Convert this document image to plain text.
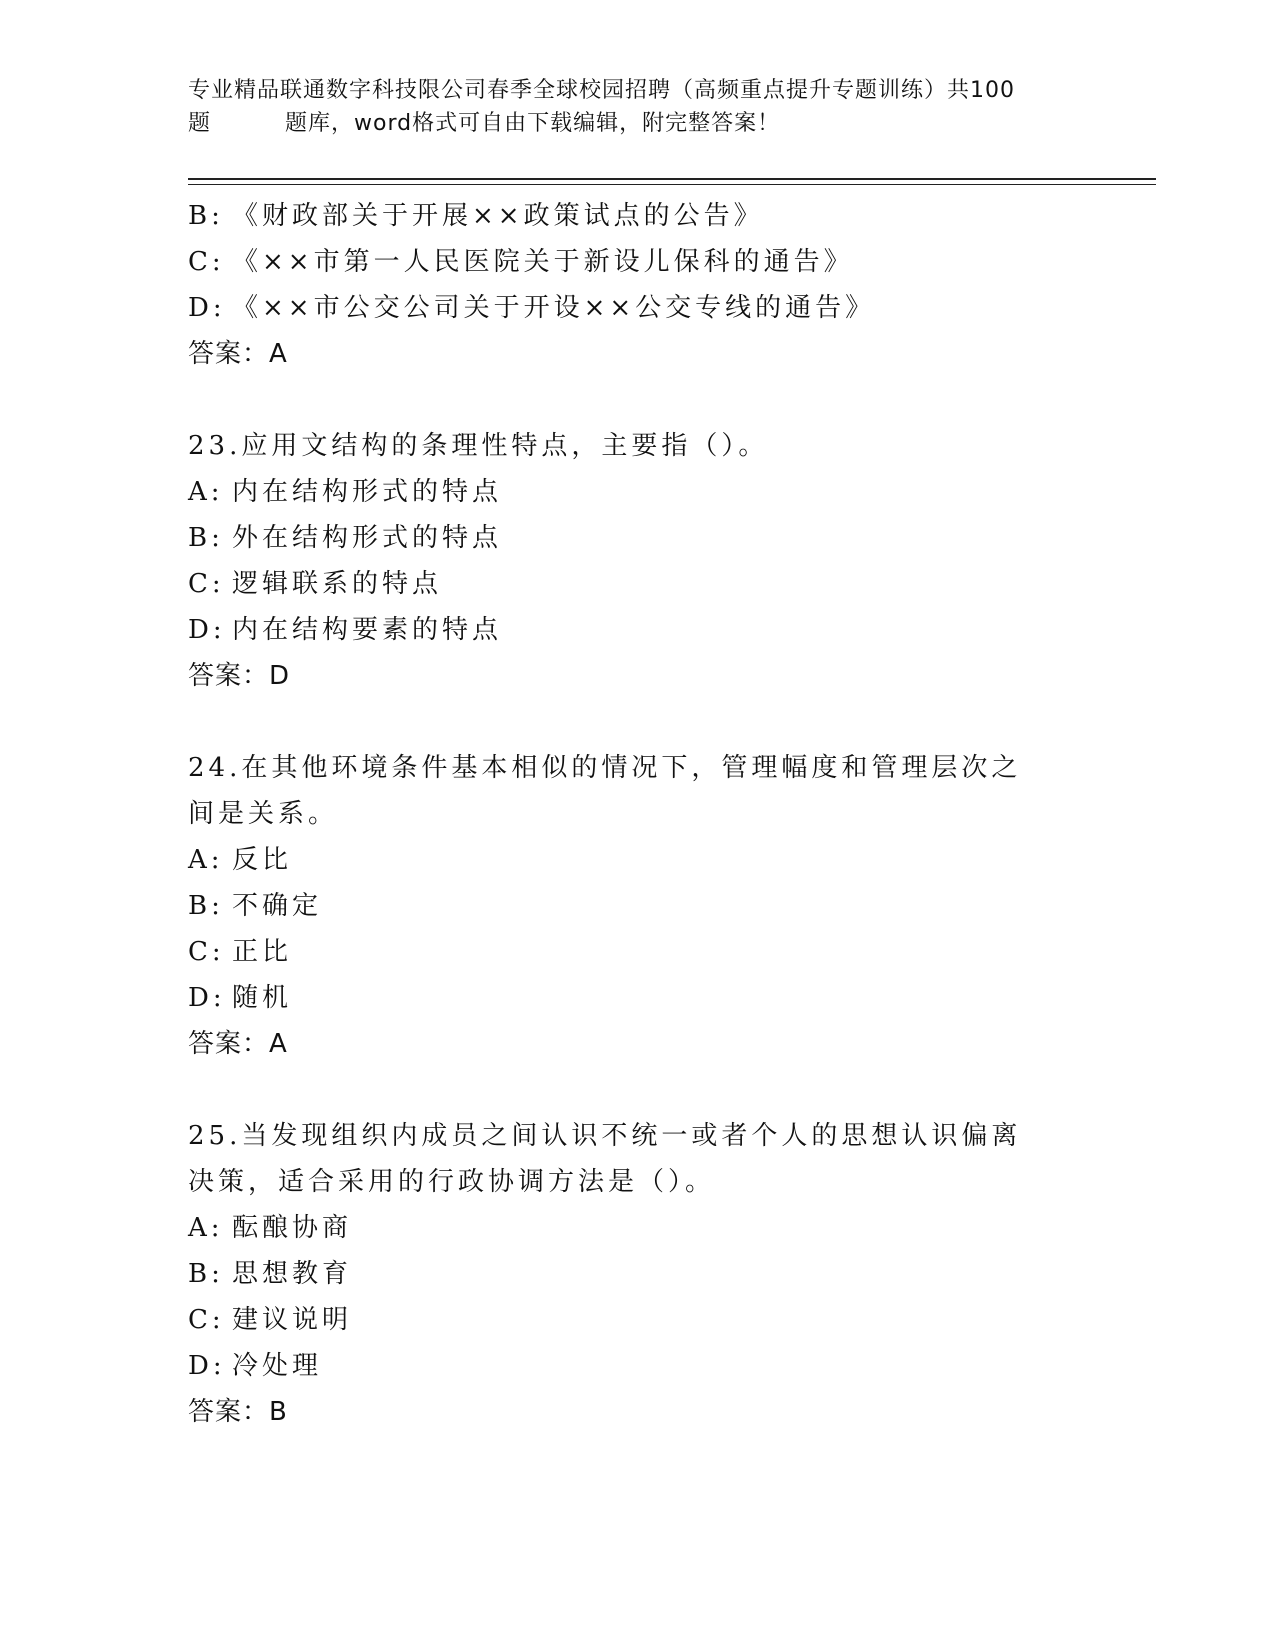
专业精品联通数字科技限公司春季全球校园招聘（高频重点提升专题训练）共100
题	题库，word格式可自由下载编辑，附完整答案！
B: 《财政部关于开展××政策试点的公告》
C: 《××市第一人民医院关于新设儿保科的通告》
D: 《××市公交公司关于开设××公交专线的通告》
答案：A
23.应用文结构的条理性特点，主要指（）。
A: 内在结构形式的特点
B: 外在结构形式的特点
C: 逻辑联系的特点
D: 内在结构要素的特点
答案：D
24.在其他环境条件基本相似的情况下，管理幅度和管理层次之间是关系。
A: 反比
B: 不确定
C: 正比
D: 随机
答案：A
25.当发现组织内成员之间认识不统一或者个人的思想认识偏离决策，适合采用的行政协调方法是（）。
A: 酝酿协商
B: 思想教育
C: 建议说明
D: 冷处理
答案：B
